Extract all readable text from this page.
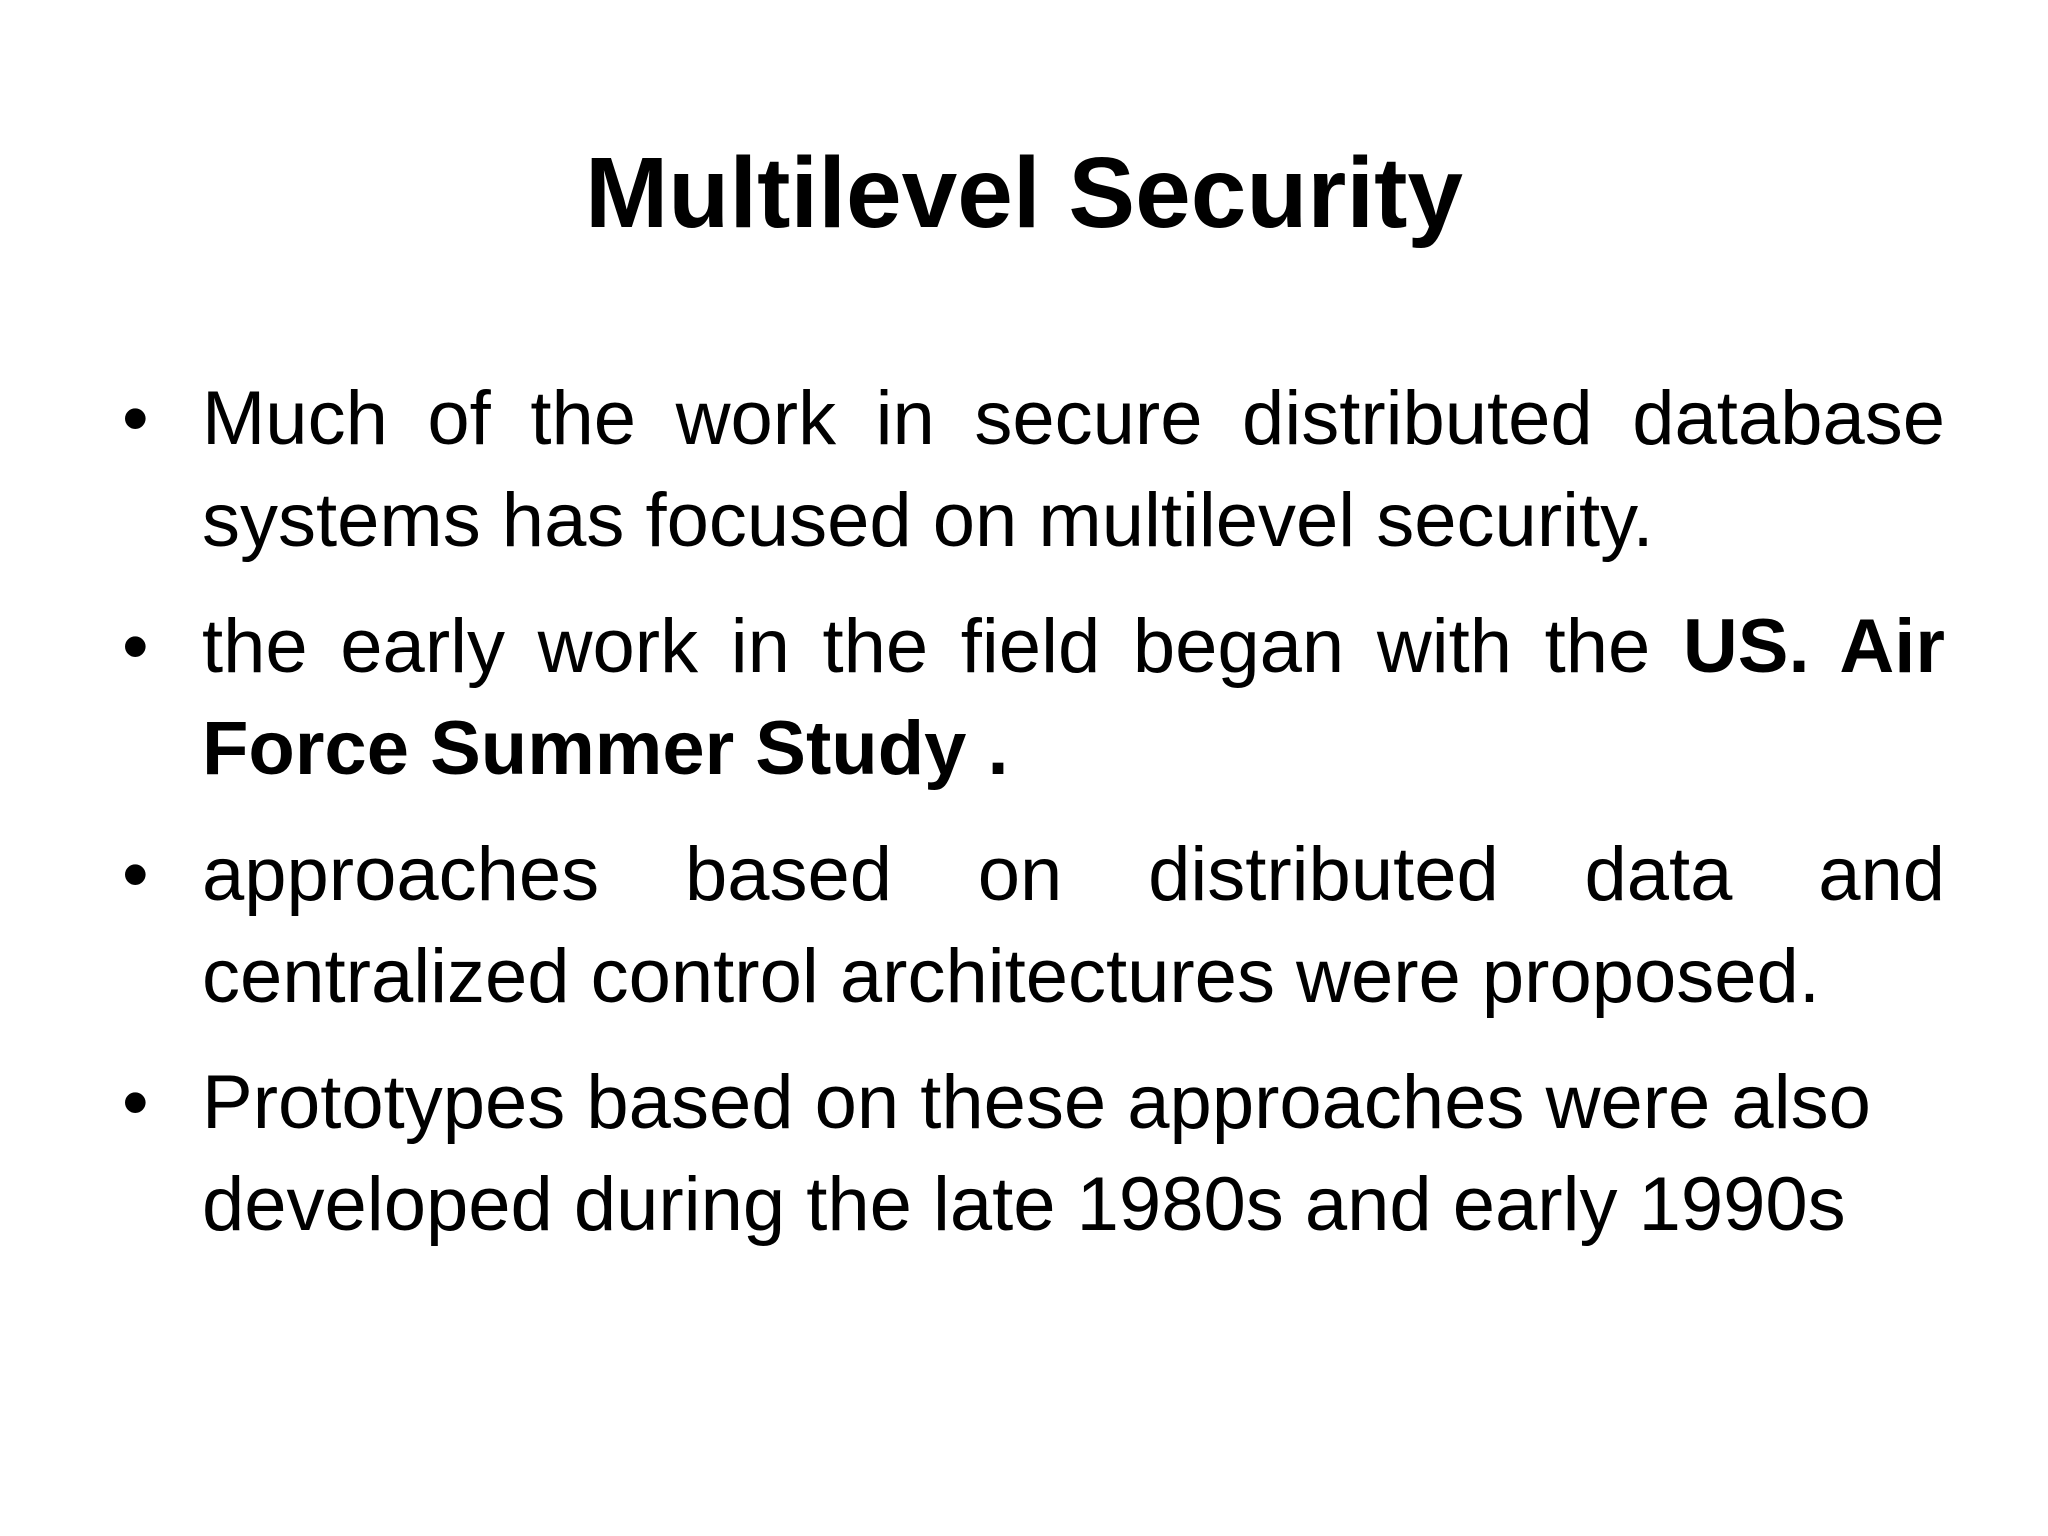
Multilevel Security
• Much of the work in secure distributed database systems has focused on multilevel security.
• the early work in the field began with the US. Air Force Summer Study .
• approaches based on distributed data and centralized control architectures were proposed.
• Prototypes based on these approaches were also developed during the late 1980s and early 1990s
